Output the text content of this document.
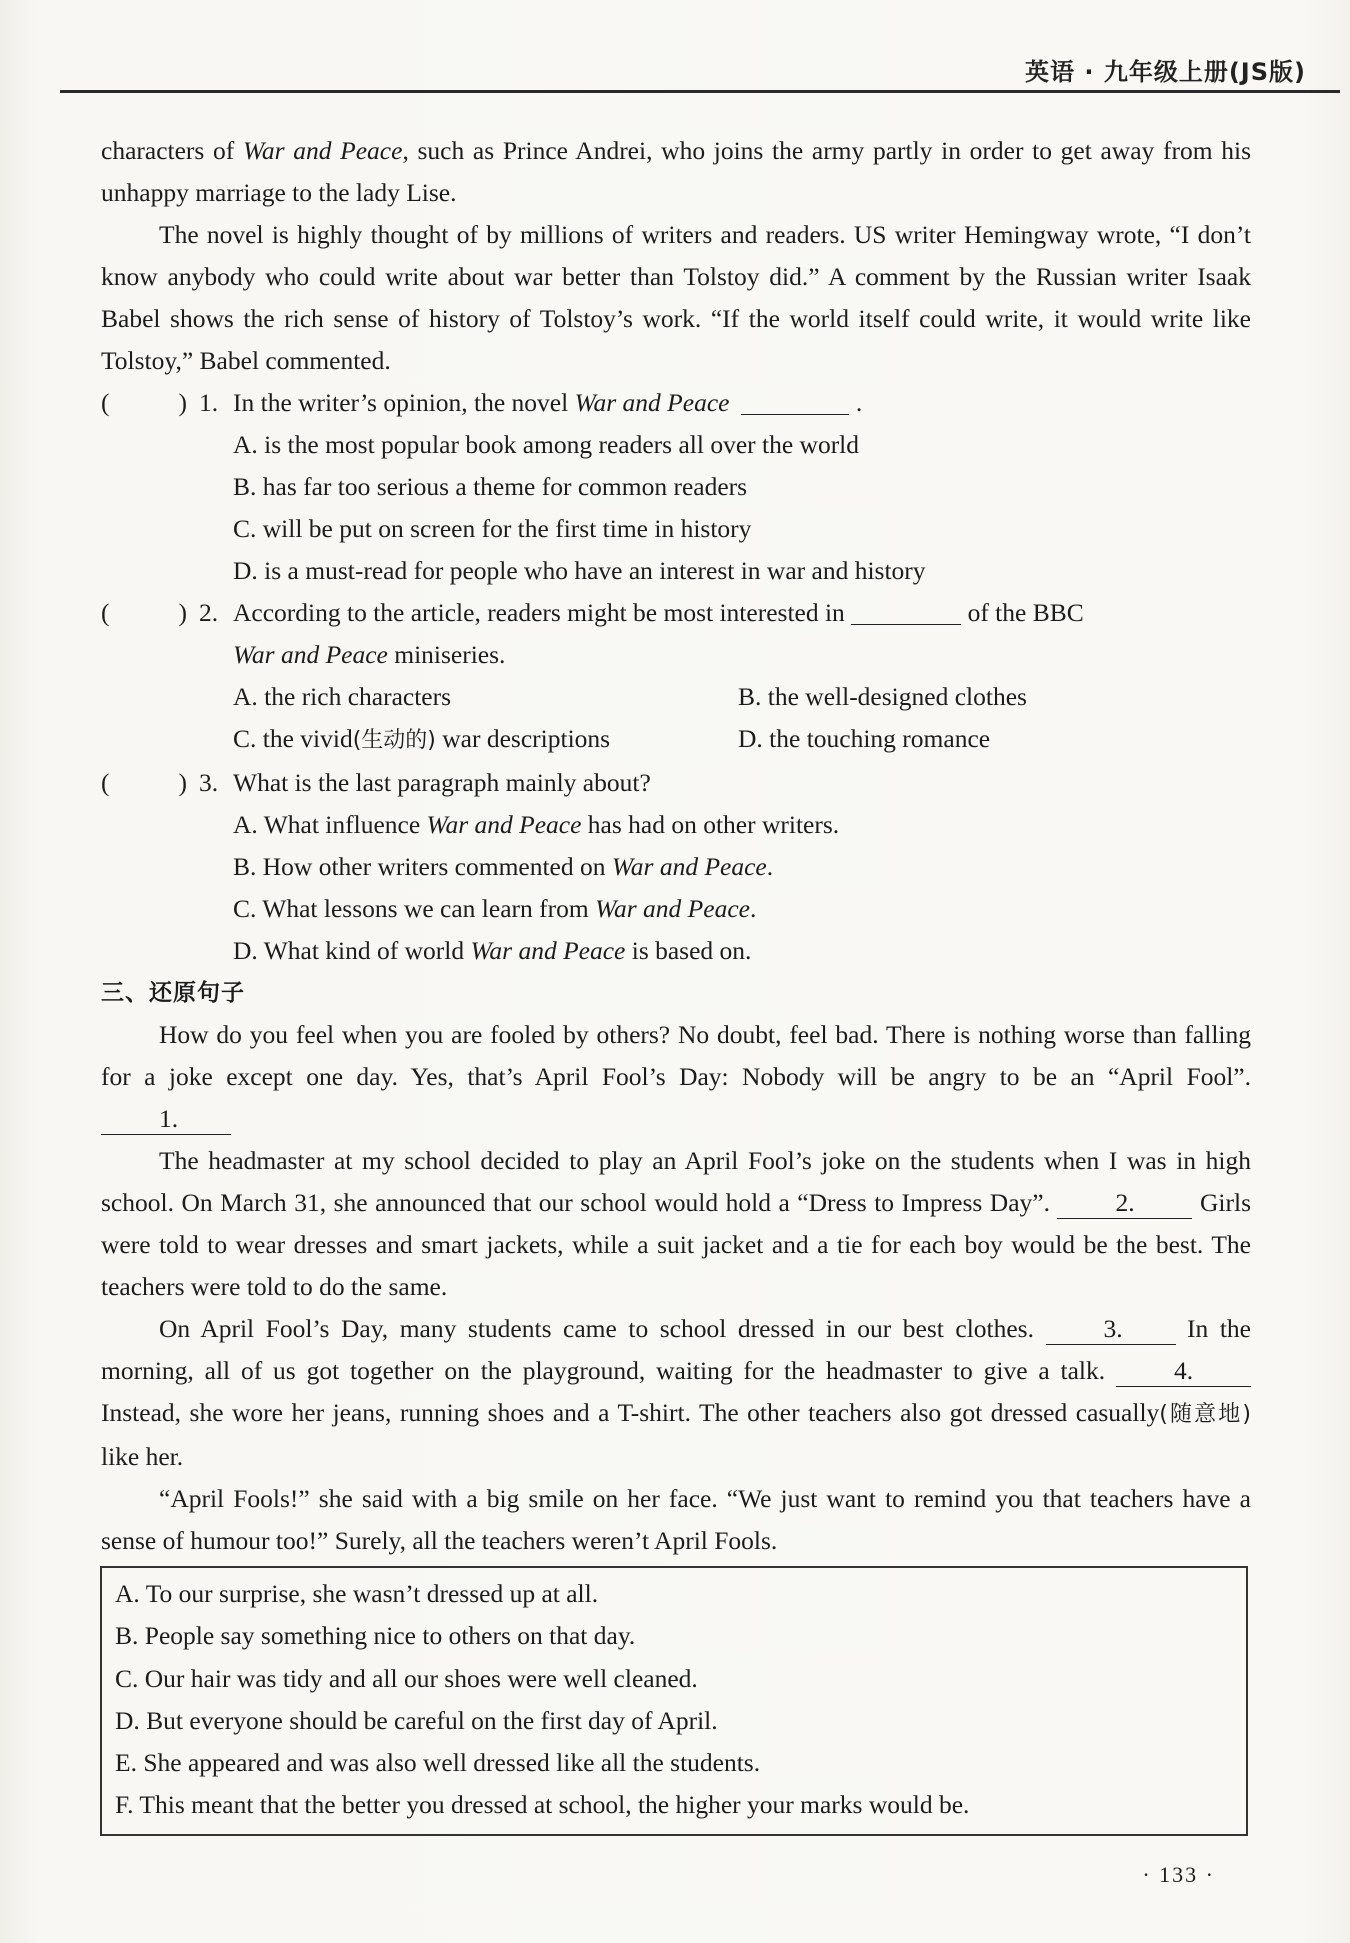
英语 · 九年级上册(JS版)

characters of War and Peace, such as Prince Andrei, who joins the army partly in order to get away from his unhappy marriage to the lady Lise.

The novel is highly thought of by millions of writers and readers. US writer Hemingway wrote, “I don’t know anybody who could write about war better than Tolstoy did.” A comment by the Russian writer Isaak Babel shows the rich sense of history of Tolstoy’s work. “If the world itself could write, it would write like Tolstoy,” Babel commented.

(	) 1. In the writer’s opinion, the novel War and Peace	.
A. is the most popular book among readers all over the world
B. has far too serious a theme for common readers
C. will be put on screen for the first time in history
D. is a must-read for people who have an interest in war and history
(	) 2. According to the article, readers might be most interested in	of the BBC
War and Peace miniseries.

A. the rich characters	B. the well-designed clothes
C. the vivid(生动的) war descriptions	D. the touching romance
(	) 3. What is the last paragraph mainly about?
A. What influence War and Peace has had on other writers.
B. How other writers commented on War and Peace.
C. What lessons we can learn from War and Peace.
D. What kind of world War and Peace is based on.
三、还原句子

How do you feel when you are fooled by others? No doubt, feel bad. There is nothing worse than falling for a joke except one day. Yes, that’s April Fool’s Day: Nobody will be angry to be an “April Fool”. 1.

The headmaster at my school decided to play an April Fool’s joke on the students when I was in high school. On March 31, she announced that our school would hold a “Dress to Impress Day”. 2. Girls were told to wear dresses and smart jackets, while a suit jacket and a tie for each boy would be the best. The teachers were told to do the same.

On April Fool’s Day, many students came to school dressed in our best clothes. 3. In the morning, all of us got together on the playground, waiting for the headmaster to give a talk. 4. Instead, she wore her jeans, running shoes and a T-shirt. The other teachers also got dressed casually(随意地) like her.

“April Fools!” she said with a big smile on her face. “We just want to remind you that teachers have a sense of humour too!” Surely, all the teachers weren’t April Fools.

A. To our surprise, she wasn’t dressed up at all.
B. People say something nice to others on that day.
C. Our hair was tidy and all our shoes were well cleaned.
D. But everyone should be careful on the first day of April.
E. She appeared and was also well dressed like all the students.
F. This meant that the better you dressed at school, the higher your marks would be.
· 133 ·
